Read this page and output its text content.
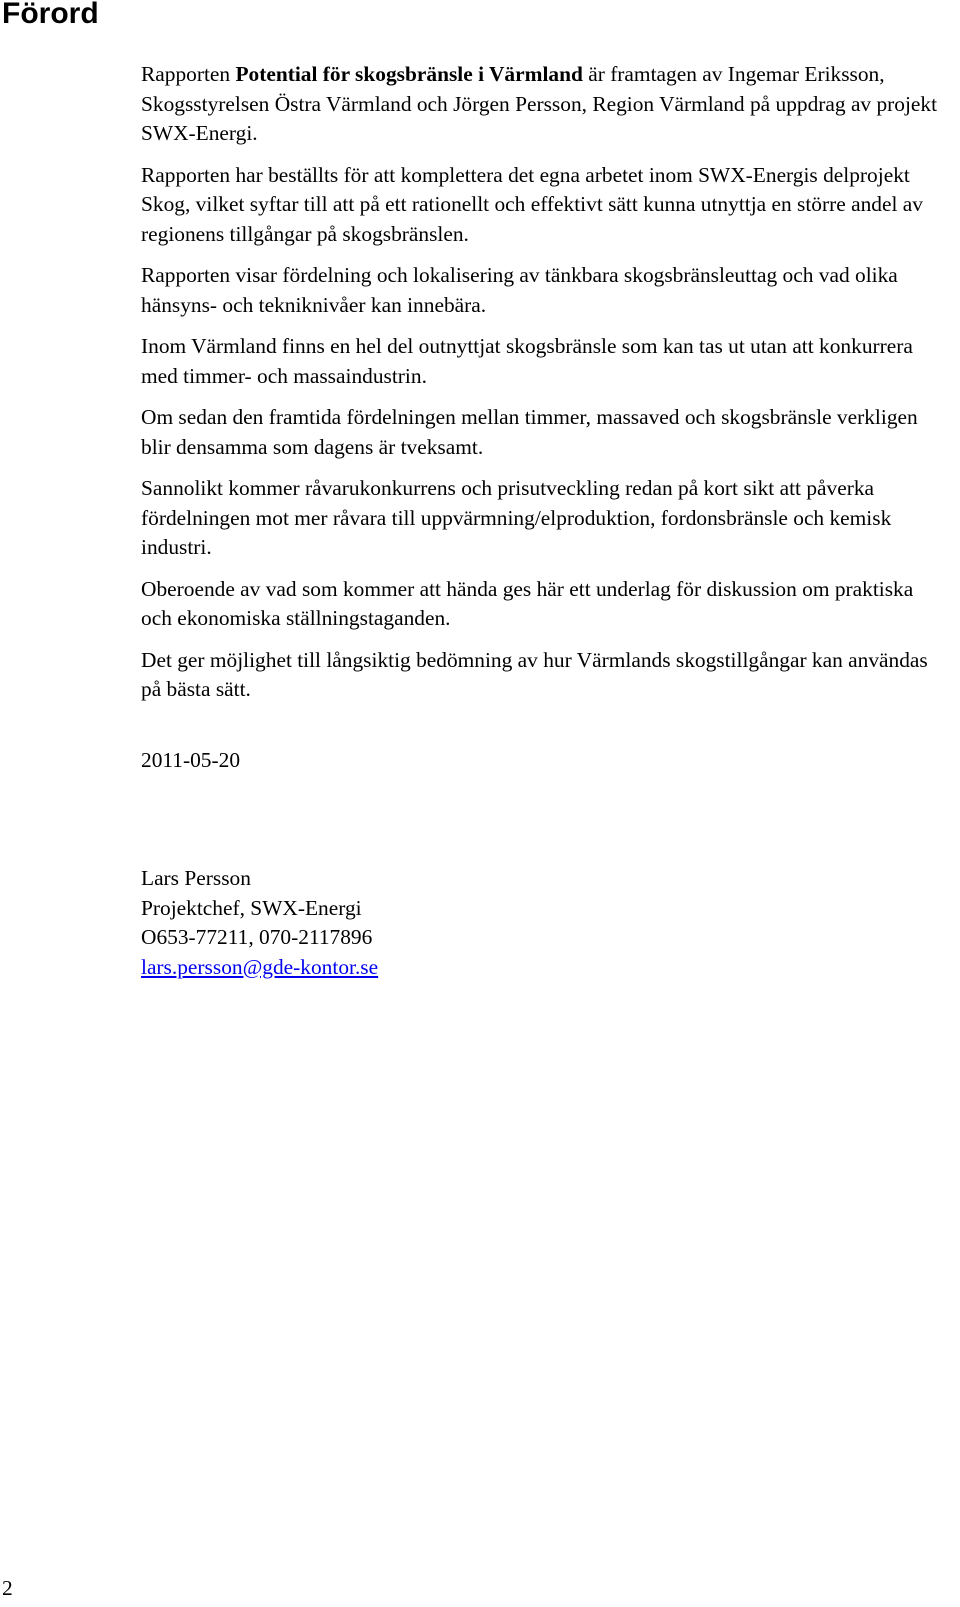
Förord

Rapporten Potential för skogsbränsle i Värmland är framtagen av Ingemar Eriksson, Skogsstyrelsen Östra Värmland och Jörgen Persson, Region Värmland på uppdrag av projekt SWX-Energi.

Rapporten har beställts för att komplettera det egna arbetet inom SWX-Energis delprojekt Skog, vilket syftar till att på ett rationellt och effektivt sätt kunna utnyttja en större andel av regionens tillgångar på skogsbränslen.

Rapporten visar fördelning och lokalisering av tänkbara skogsbränsleuttag och vad olika hänsyns- och tekniknivåer kan innebära.

Inom Värmland finns en hel del outnyttjat skogsbränsle som kan tas ut utan att konkurrera med timmer- och massaindustrin.

Om sedan den framtida fördelningen mellan timmer, massaved och skogsbränsle verkligen blir densamma som dagens är tveksamt.

Sannolikt kommer råvarukonkurrens och prisutveckling redan på kort sikt att påverka fördelningen mot mer råvara till uppvärmning/elproduktion, fordonsbränsle och kemisk industri.

Oberoende av vad som kommer att hända ges här ett underlag för diskussion om praktiska och ekonomiska ställningstaganden.

Det ger möjlighet till långsiktig bedömning av hur Värmlands skogstillgångar kan användas på bästa sätt.

2011-05-20
Lars Persson
Projektchef, SWX-Energi
O653-77211, 070-2117896
lars.persson@gde-kontor.se
2
